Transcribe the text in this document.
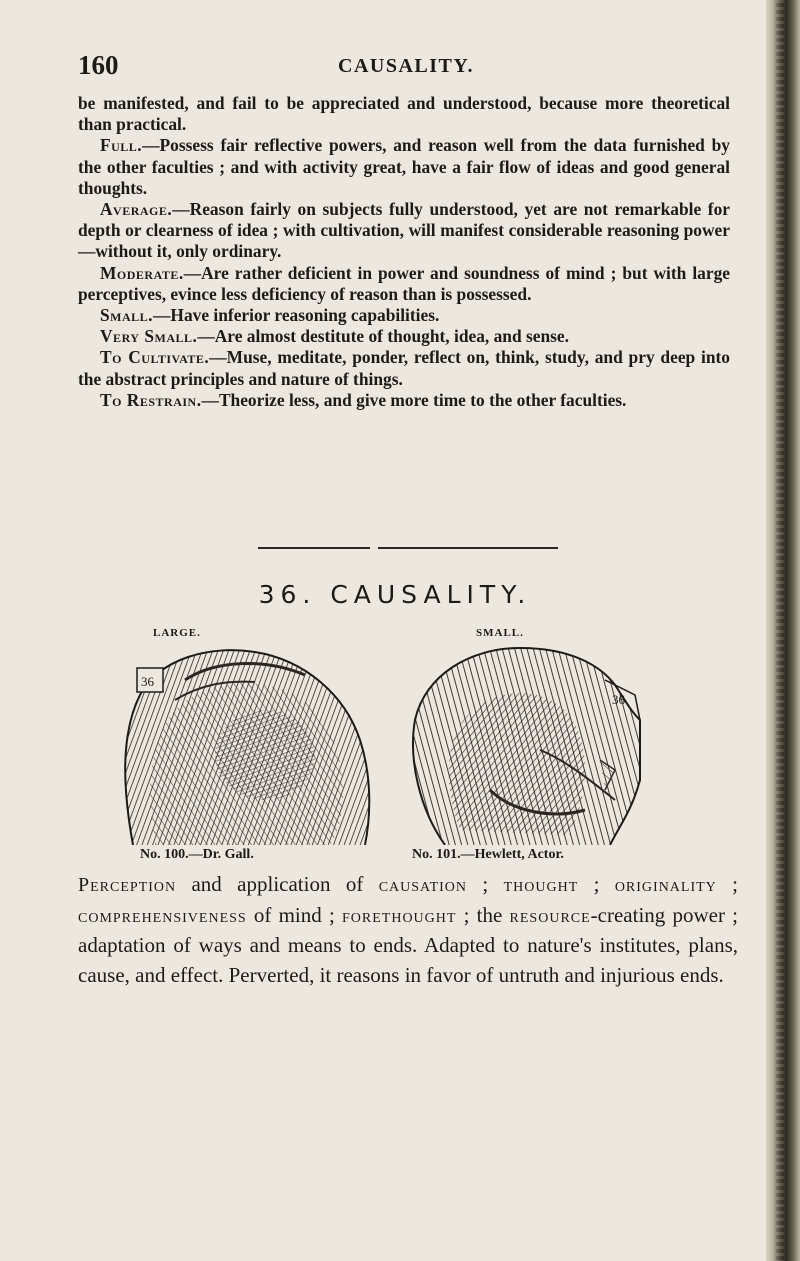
160	CAUSALITY.

be manifested, and fail to be appreciated and understood, because more theoretical than practical.

Full.—Possess fair reflective powers, and reason well from the data furnished by the other faculties ; and with activity great, have a fair flow of ideas and good general thoughts.

Average.—Reason fairly on subjects fully understood, yet are not remarkable for depth or clearness of idea ; with cultivation, will manifest considerable reasoning power—without it, only ordinary.

Moderate.—Are rather deficient in power and soundness of mind ; but with large perceptives, evince less deficiency of reason than is possessed.

Small.—Have inferior reasoning capabilities.

Very Small.—Are almost destitute of thought, idea, and sense.

To Cultivate.—Muse, meditate, ponder, reflect on, think, study, and pry deep into the abstract principles and nature of things.

To Restrain.—Theorize less, and give more time to the other faculties.

36. CAUSALITY.
LARGE.	SMALL.
36
36
No. 100.—Dr. Gall.	No. 101.—Hewlett, Actor.
Perception and application of causation ; thought ; originality ; comprehensiveness of mind ; forethought ; the resource-creating power ; adaptation of ways and means to ends. Adapted to nature's institutes, plans, cause, and effect. Perverted, it reasons in favor of untruth and injurious ends.
